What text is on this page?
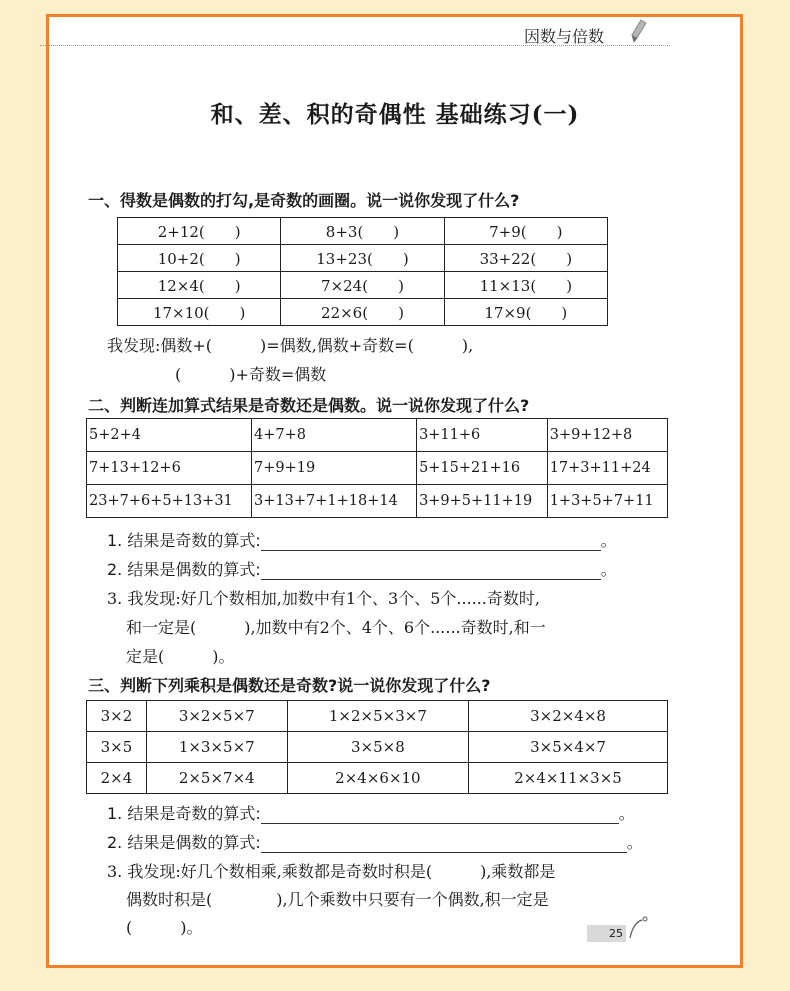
因数与倍数
和、差、积的奇偶性 基础练习(一)
一、得数是偶数的打勾,是奇数的画圈。说一说你发现了什么?
2+12(　　)	8+3(　　)	7+9(　　)
10+2(　　)	13+23(　　)	33+22(　　)
12×4(　　)	7×24(　　)	11×13(　　)
17×10(　　)	22×6(　　)	17×9(　　)
我发现:偶数+(　　　)=偶数,偶数+奇数=(　　　),
(　　　)+奇数=偶数
二、判断连加算式结果是奇数还是偶数。说一说你发现了什么?
5+2+4	4+7+8	3+11+6	3+9+12+8
7+13+12+6	7+9+19	5+15+21+16	17+3+11+24
23+7+6+5+13+31	3+13+7+1+18+14	3+9+5+11+19	1+3+5+7+11
1. 结果是奇数的算式:	。
2. 结果是偶数的算式:	。
3. 我发现:好几个数相加,加数中有1个、3个、5个......奇数时,
和一定是(　　　),加数中有2个、4个、6个......奇数时,和一
定是(　　　)。
三、判断下列乘积是偶数还是奇数?说一说你发现了什么?
3×2	3×2×5×7	1×2×5×3×7	3×2×4×8
3×5	1×3×5×7	3×5×8	3×5×4×7
2×4	2×5×7×4	2×4×6×10	2×4×11×3×5
1. 结果是奇数的算式:	。
2. 结果是偶数的算式:	。
3. 我发现:好几个数相乘,乘数都是奇数时积是(　　　),乘数都是
偶数时积是(　　　　),几个乘数中只要有一个偶数,积一定是
(　　　)。	25
